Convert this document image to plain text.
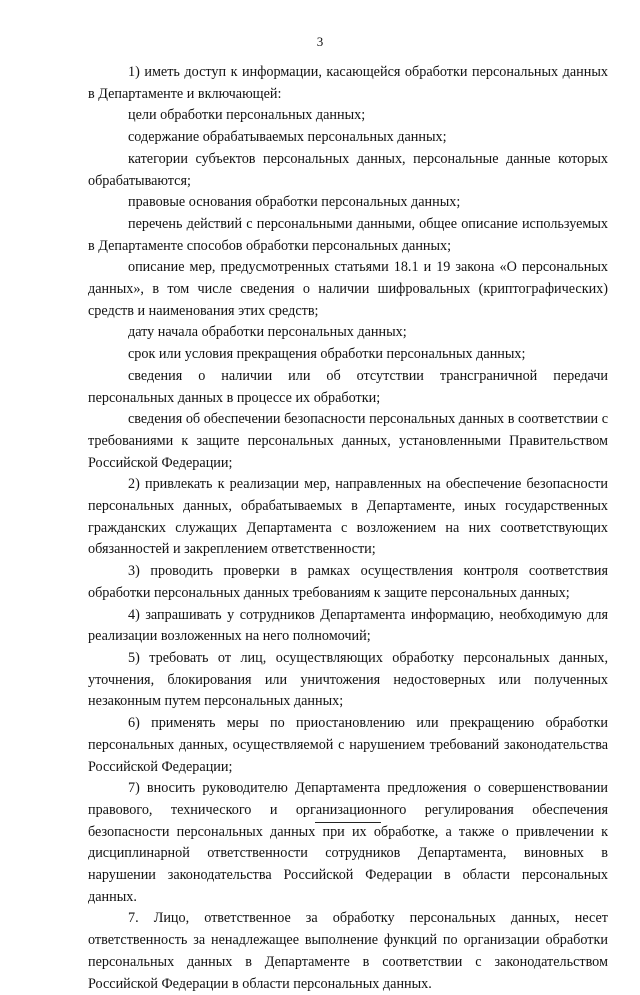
3

1) иметь доступ к информации, касающейся обработки персональных данных в Департаменте и включающей:

цели обработки персональных данных;

содержание обрабатываемых персональных данных;

категории субъектов персональных данных, персональные данные которых обрабатываются;

правовые основания обработки персональных данных;

перечень действий с персональными данными, общее описание используемых в Департаменте способов обработки персональных данных;

описание мер, предусмотренных статьями 18.1 и 19 закона «О персональных данных», в том числе сведения о наличии шифровальных (криптографических) средств и наименования этих средств;

дату начала обработки персональных данных;

срок или условия прекращения обработки персональных данных;

сведения о наличии или об отсутствии трансграничной передачи персональных данных в процессе их обработки;

сведения об обеспечении безопасности персональных данных в соответствии с требованиями к защите персональных данных, установленными Правительством Российской Федерации;

2) привлекать к реализации мер, направленных на обеспечение безопасности персональных данных, обрабатываемых в Департаменте, иных государственных гражданских служащих Департамента с возложением на них соответствующих обязанностей и закреплением ответственности;

3) проводить проверки в рамках осуществления контроля соответствия обработки персональных данных требованиям к защите персональных данных;

4) запрашивать у сотрудников Департамента информацию, необходимую для реализации возложенных на него полномочий;

5) требовать от лиц, осуществляющих обработку персональных данных, уточнения, блокирования или уничтожения недостоверных или полученных незаконным путем персональных данных;

6) применять меры по приостановлению или прекращению обработки персональных данных, осуществляемой с нарушением требований законодательства Российской Федерации;

7) вносить руководителю Департамента предложения о совершенствовании правового, технического и организационного регулирования обеспечения безопасности персональных данных при их обработке, а также о привлечении к дисциплинарной ответственности сотрудников Департамента, виновных в нарушении законодательства Российской Федерации в области персональных данных.

7. Лицо, ответственное за обработку персональных данных, несет ответственность за ненадлежащее выполнение функций по организации обработки персональных данных в Департаменте в соответствии с законодательством Российской Федерации в области персональных данных.
